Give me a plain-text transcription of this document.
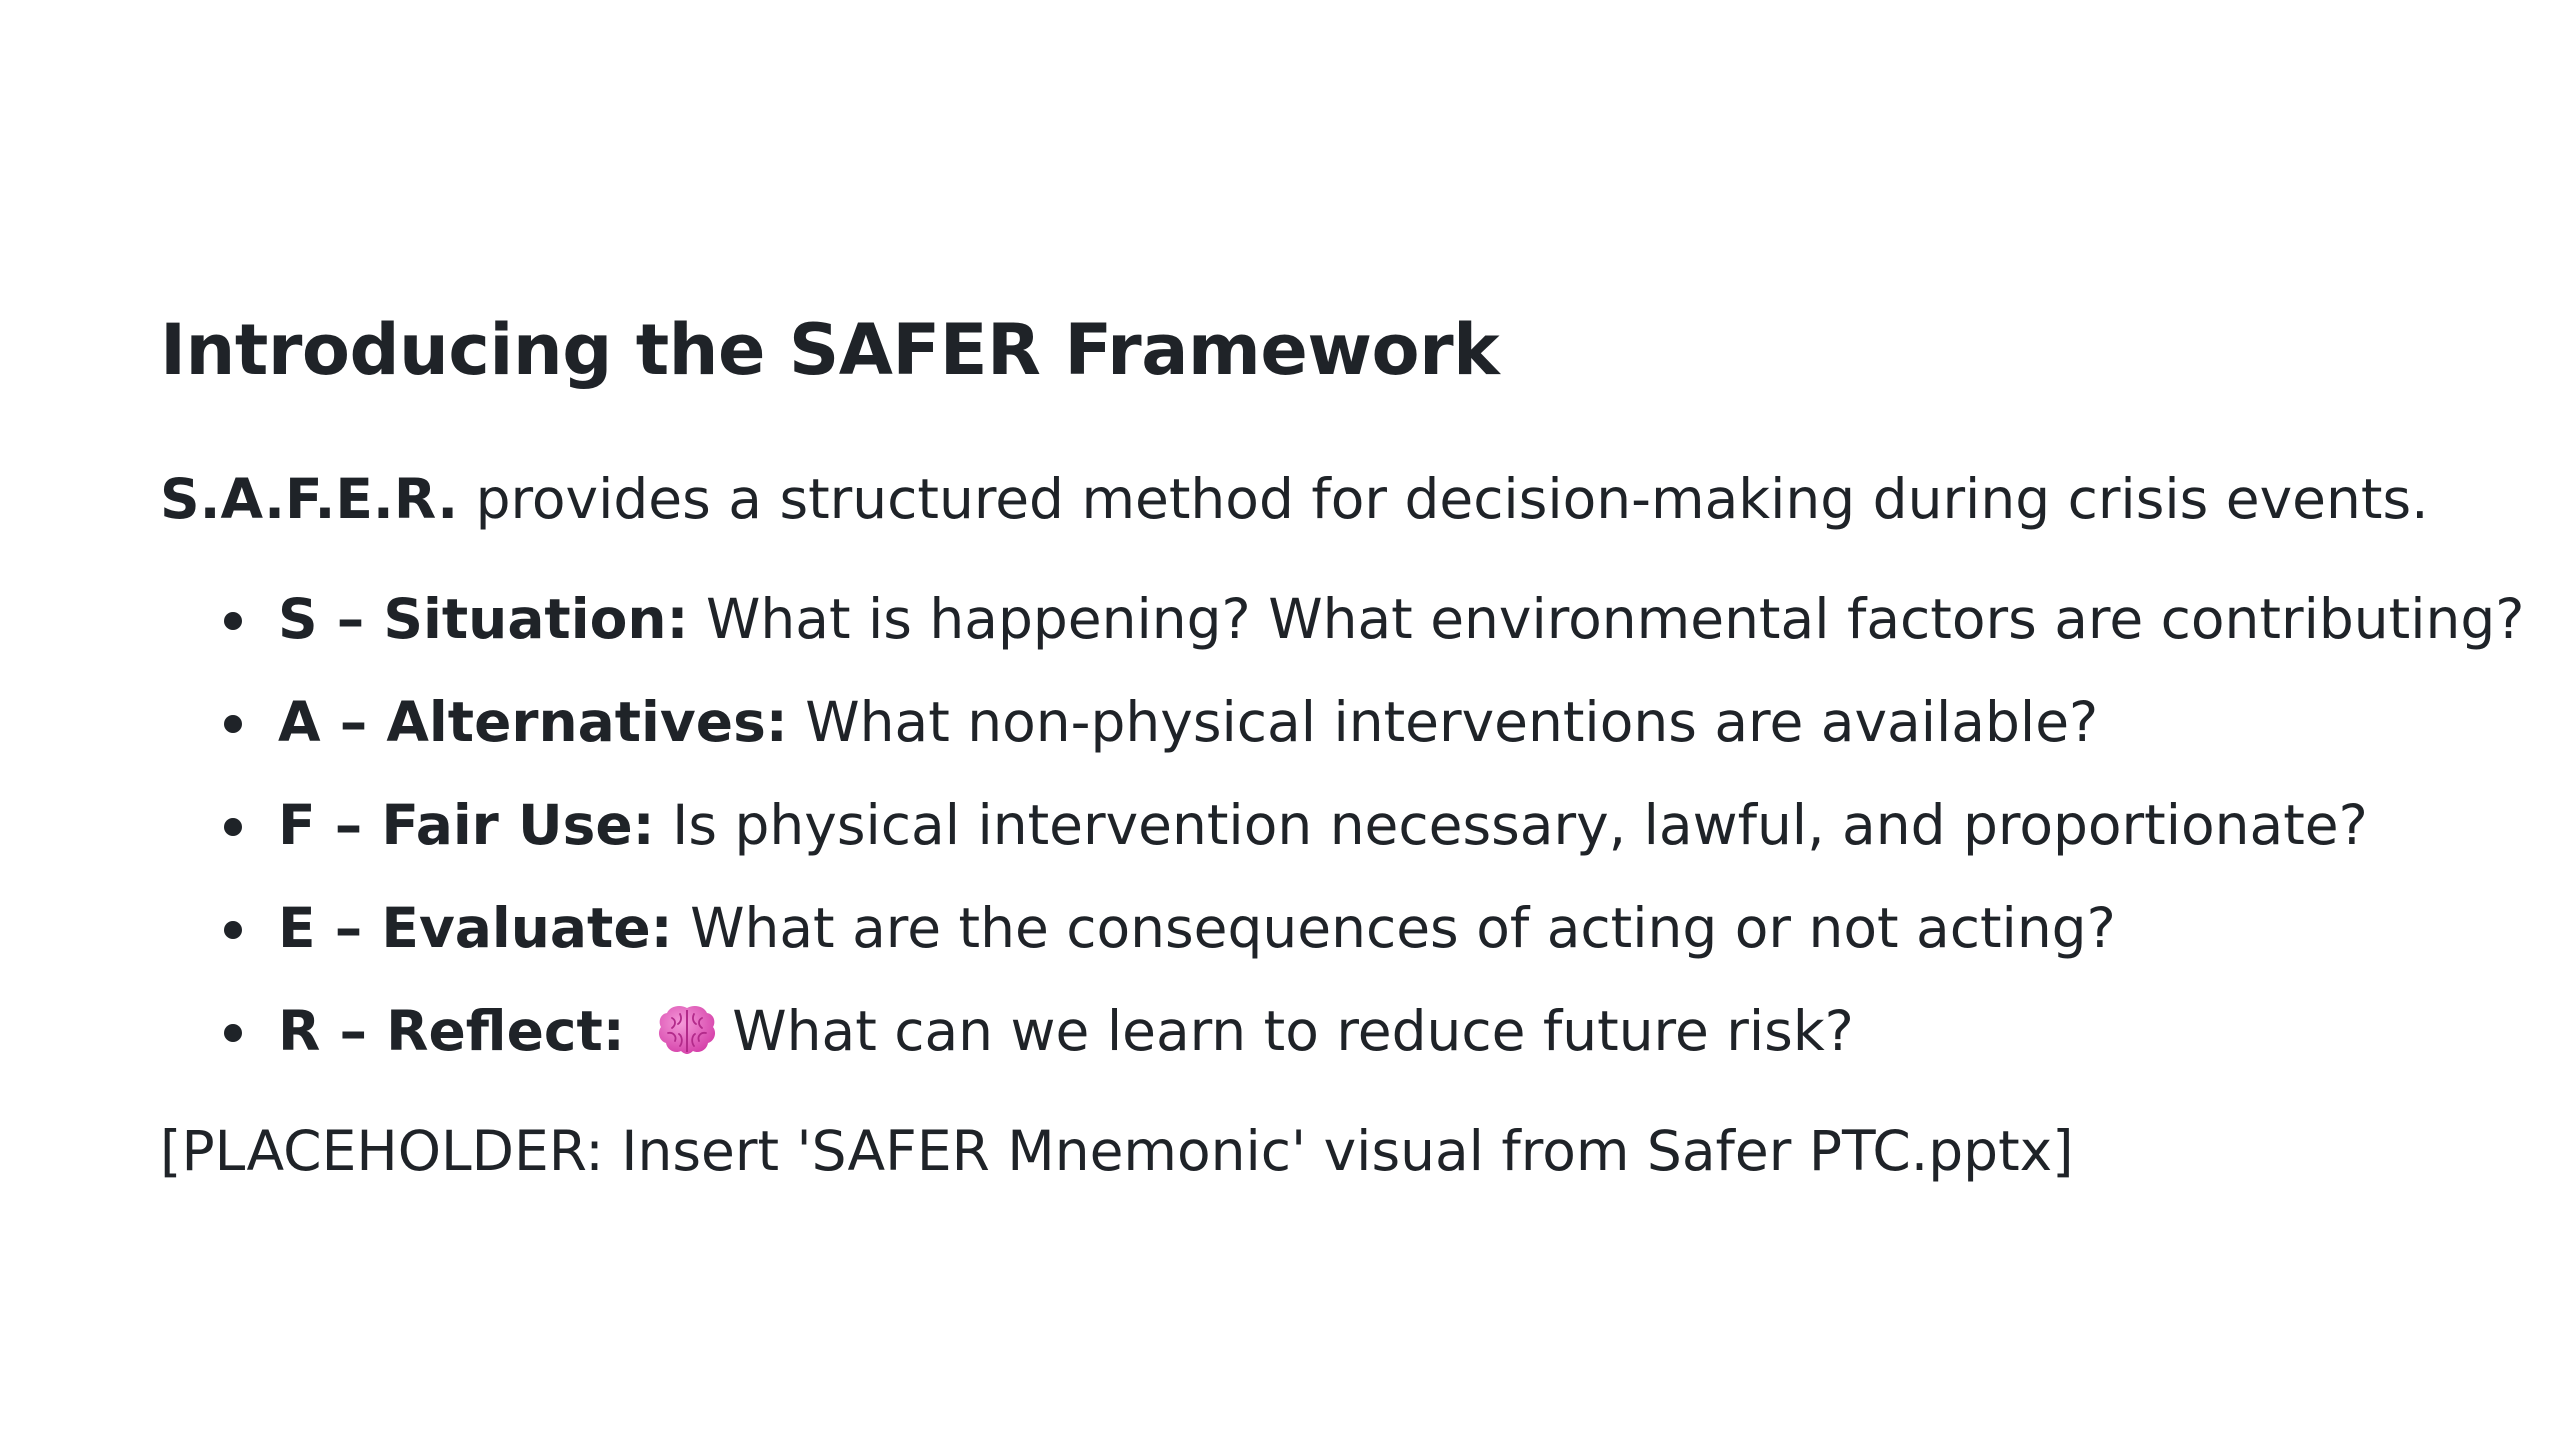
Introducing the SAFER Framework

S.A.F.E.R. provides a structured method for decision-making during crisis events.

S – Situation: What is happening? What environmental factors are contributing?
A – Alternatives: What non-physical interventions are available?
F – Fair Use: Is physical intervention necessary, lawful, and proportionate?
E – Evaluate: What are the consequences of acting or not acting?
R – Reflect: What can we learn to reduce future risk?

[PLACEHOLDER: Insert 'SAFER Mnemonic' visual from Safer PTC.pptx]
